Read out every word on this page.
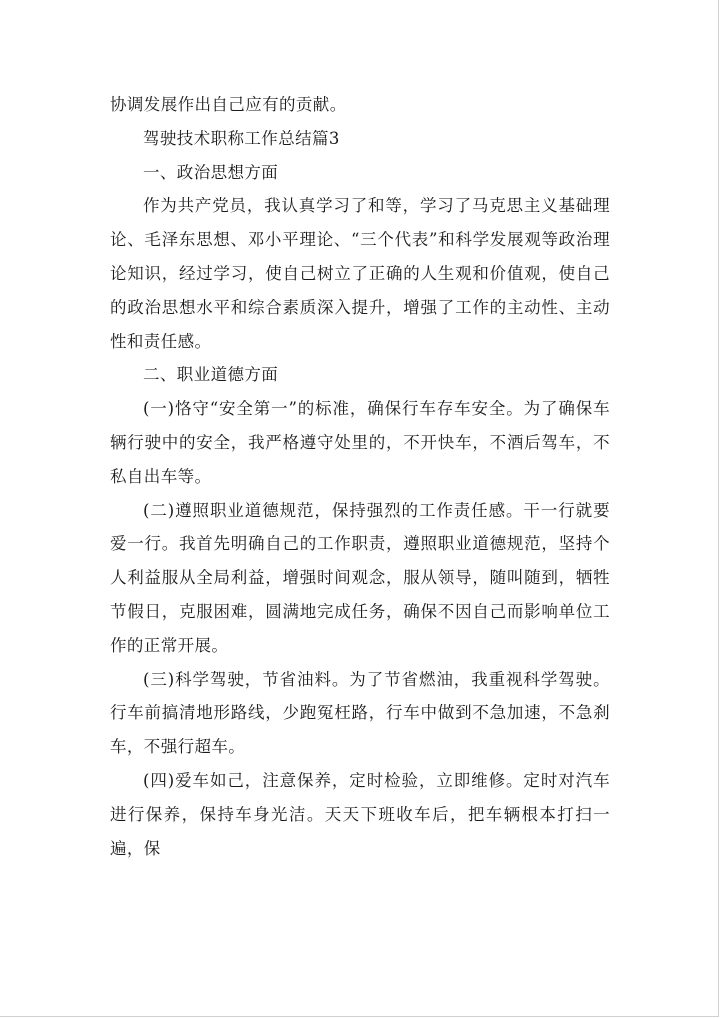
协调发展作出自己应有的贡献。

驾驶技术职称工作总结篇3

一、政治思想方面

作为共产党员，我认真学习了和等，学习了马克思主义基础理论、毛泽东思想、邓小平理论、“三个代表”和科学发展观等政治理论知识，经过学习，使自己树立了正确的人生观和价值观，使自己的政治思想水平和综合素质深入提升，增强了工作的主动性、主动性和责任感。

二、职业道德方面

(一)恪守“安全第一”的标准，确保行车存车安全。为了确保车辆行驶中的安全，我严格遵守处里的，不开快车，不酒后驾车，不私自出车等。

(二)遵照职业道德规范，保持强烈的工作责任感。干一行就要爱一行。我首先明确自己的工作职责，遵照职业道德规范，坚持个人利益服从全局利益，增强时间观念，服从领导，随叫随到，牺牲节假日，克服困难，圆满地完成任务，确保不因自己而影响单位工作的正常开展。

(三)科学驾驶，节省油料。为了节省燃油，我重视科学驾驶。行车前搞清地形路线，少跑冤枉路，行车中做到不急加速，不急刹车，不强行超车。

(四)爱车如己，注意保养，定时检验，立即维修。定时对汽车进行保养，保持车身光洁。天天下班收车后，把车辆根本打扫一遍，保
